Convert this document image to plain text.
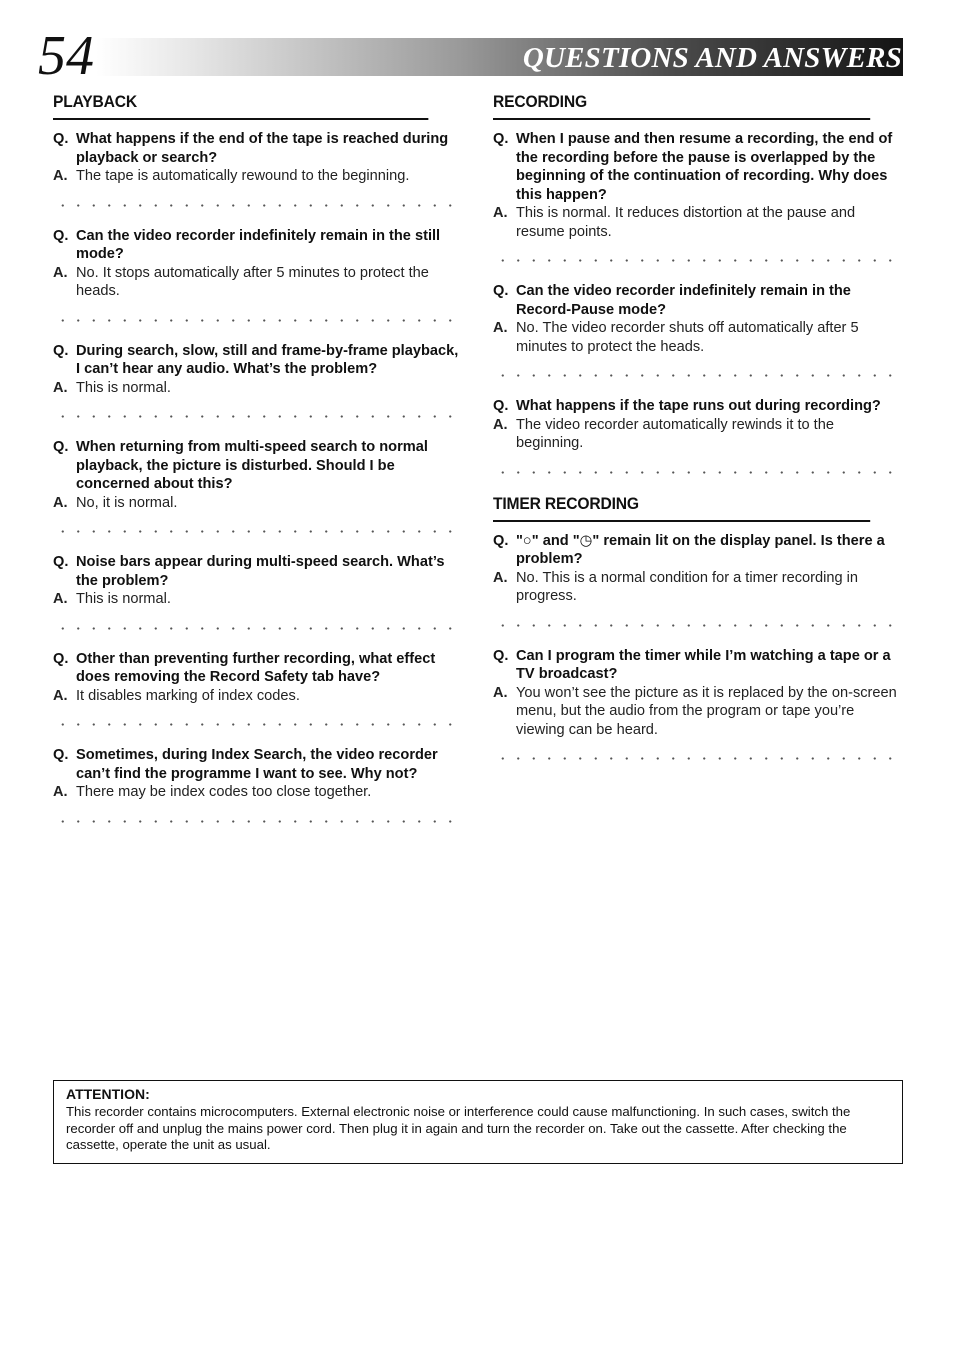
54	QUESTIONS AND ANSWERS
PLAYBACK
Q. What happens if the end of the tape is reached during playback or search?
A. The tape is automatically rewound to the beginning.
Q. Can the video recorder indefinitely remain in the still mode?
A. No. It stops automatically after 5 minutes to protect the heads.
Q. During search, slow, still and frame-by-frame playback, I can’t hear any audio. What’s the problem?
A. This is normal.
Q. When returning from multi-speed search to normal playback, the picture is disturbed. Should I be concerned about this?
A. No, it is normal.
Q. Noise bars appear during multi-speed search. What’s the problem?
A. This is normal.
Q. Other than preventing further recording, what effect does removing the Record Safety tab have?
A. It disables marking of index codes.
Q. Sometimes, during Index Search, the video recorder can’t find the programme I want to see. Why not?
A. There may be index codes too close together.
RECORDING
Q. When I pause and then resume a recording, the end of the recording before the pause is overlapped by the beginning of the continuation of recording. Why does this happen?
A. This is normal. It reduces distortion at the pause and resume points.
Q. Can the video recorder indefinitely remain in the Record-Pause mode?
A. No. The video recorder shuts off automatically after 5 minutes to protect the heads.
Q. What happens if the tape runs out during recording?
A. The video recorder automatically rewinds it to the beginning.
TIMER RECORDING
Q. "○" and "◷" remain lit on the display panel. Is there a problem?
A. No. This is a normal condition for a timer recording in progress.
Q. Can I program the timer while I’m watching a tape or a TV broadcast?
A. You won’t see the picture as it is replaced by the on-screen menu, but the audio from the program or tape you’re viewing can be heard.
ATTENTION:
This recorder contains microcomputers. External electronic noise or interference could cause malfunctioning. In such cases, switch the recorder off and unplug the mains power cord. Then plug it in again and turn the recorder on. Take out the cassette. After checking the cassette, operate the unit as usual.
